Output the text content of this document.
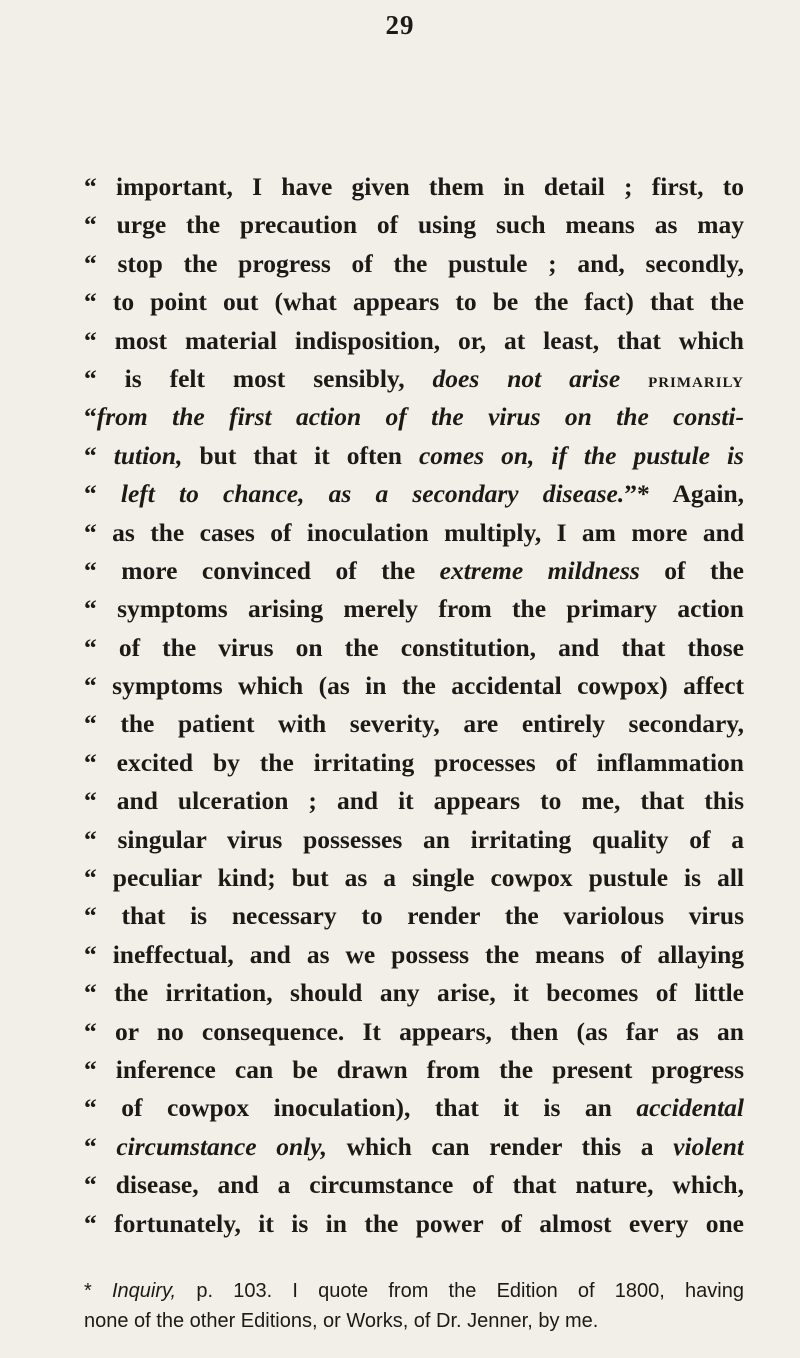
29
“ important, I have given them in detail ; first, to
“ urge the precaution of using such means as may
“ stop the progress of the pustule ; and, secondly,
“ to point out (what appears to be the fact) that the
“ most material indisposition, or, at least, that which
“ is felt most sensibly, does not arise primarily
“from the first action of the virus on the consti-
“ tution, but that it often comes on, if the pustule is
“ left to chance, as a secondary disease.”* Again,
“ as the cases of inoculation multiply, I am more and
“ more convinced of the extreme mildness of the
“ symptoms arising merely from the primary action
“ of the virus on the constitution, and that those
“ symptoms which (as in the accidental cowpox) affect
“ the patient with severity, are entirely secondary,
“ excited by the irritating processes of inflammation
“ and ulceration ; and it appears to me, that this
“ singular virus possesses an irritating quality of a
“ peculiar kind; but as a single cowpox pustule is all
“ that is necessary to render the variolous virus
“ ineffectual, and as we possess the means of allaying
“ the irritation, should any arise, it becomes of little
“ or no consequence. It appears, then (as far as an
“ inference can be drawn from the present progress
“ of cowpox inoculation), that it is an accidental
“ circumstance only, which can render this a violent
“ disease, and a circumstance of that nature, which,
“ fortunately, it is in the power of almost every one
* Inquiry, p. 103. I quote from the Edition of 1800, having
none of the other Editions, or Works, of Dr. Jenner, by me.
